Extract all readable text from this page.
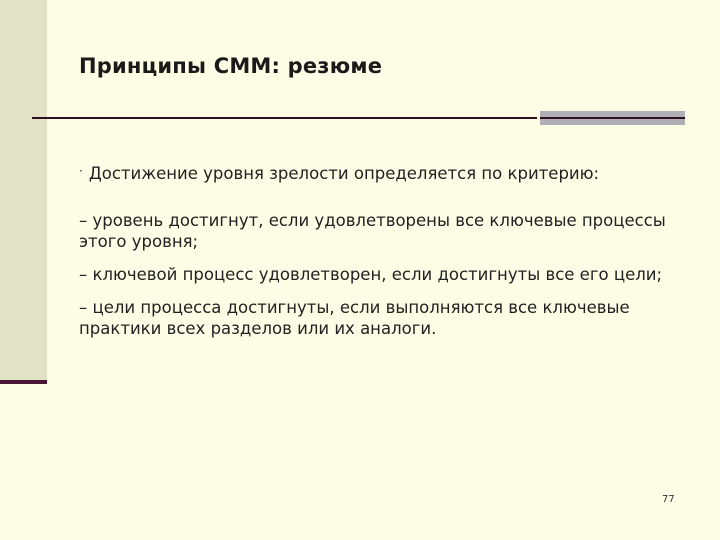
Принципы CMM: резюме
· Достижение уровня зрелости определяется по критерию:
– уровень достигнут, если удовлетворены все ключевые процессы этого уровня;
– ключевой процесс удовлетворен, если достигнуты все его цели;
– цели процесса достигнуты, если выполняются все ключевые практики всех разделов или их аналоги.
77
